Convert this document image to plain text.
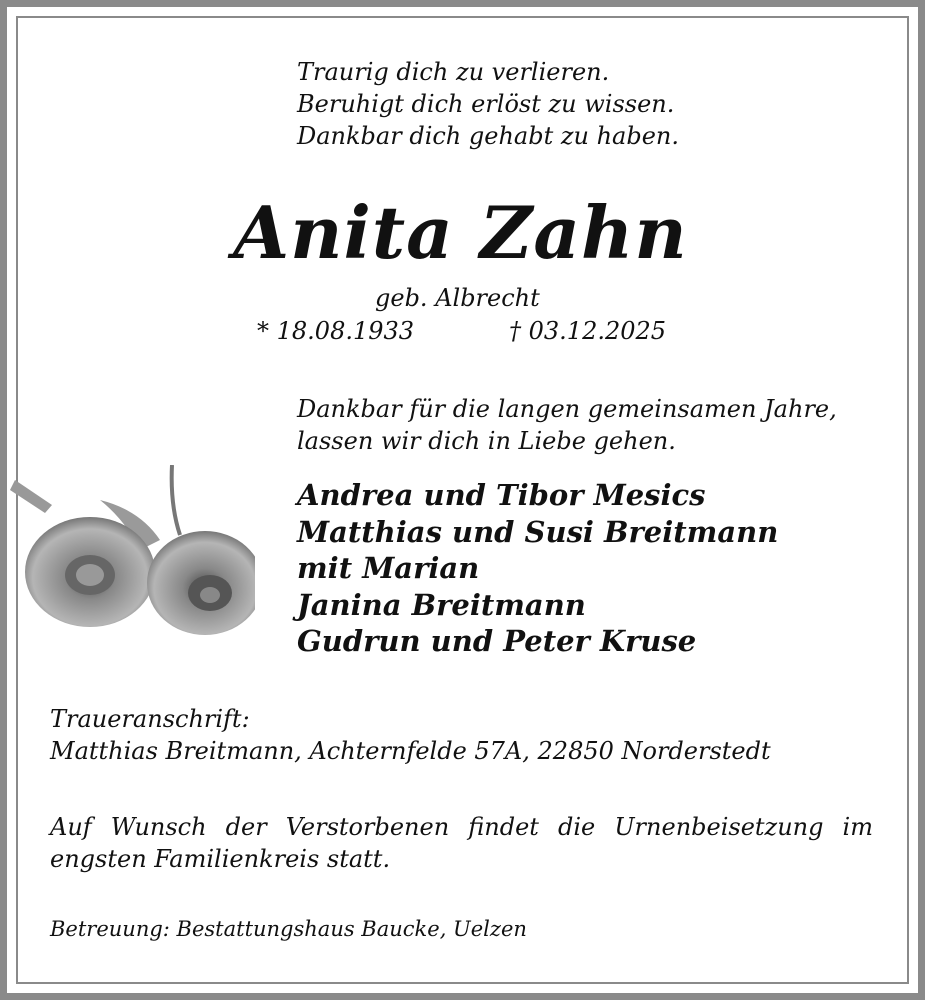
Traurig dich zu verlieren.
Beruhigt dich erlöst zu wissen.
Dankbar dich gehabt zu haben.
Anita Zahn
geb. Albrecht
* 18.08.1933	† 03.12.2025
Dankbar für die langen gemeinsamen Jahre,
lassen wir dich in Liebe gehen.
Andrea und Tibor Mesics
Matthias und Susi Breitmann
mit Marian
Janina Breitmann
Gudrun und Peter Kruse
Traueranschrift:
Matthias Breitmann, Achternfelde 57A, 22850 Norderstedt
Auf Wunsch der Verstorbenen findet die Urnenbeisetzung im engsten Familienkreis statt.
Betreuung: Bestattungshaus Baucke, Uelzen
